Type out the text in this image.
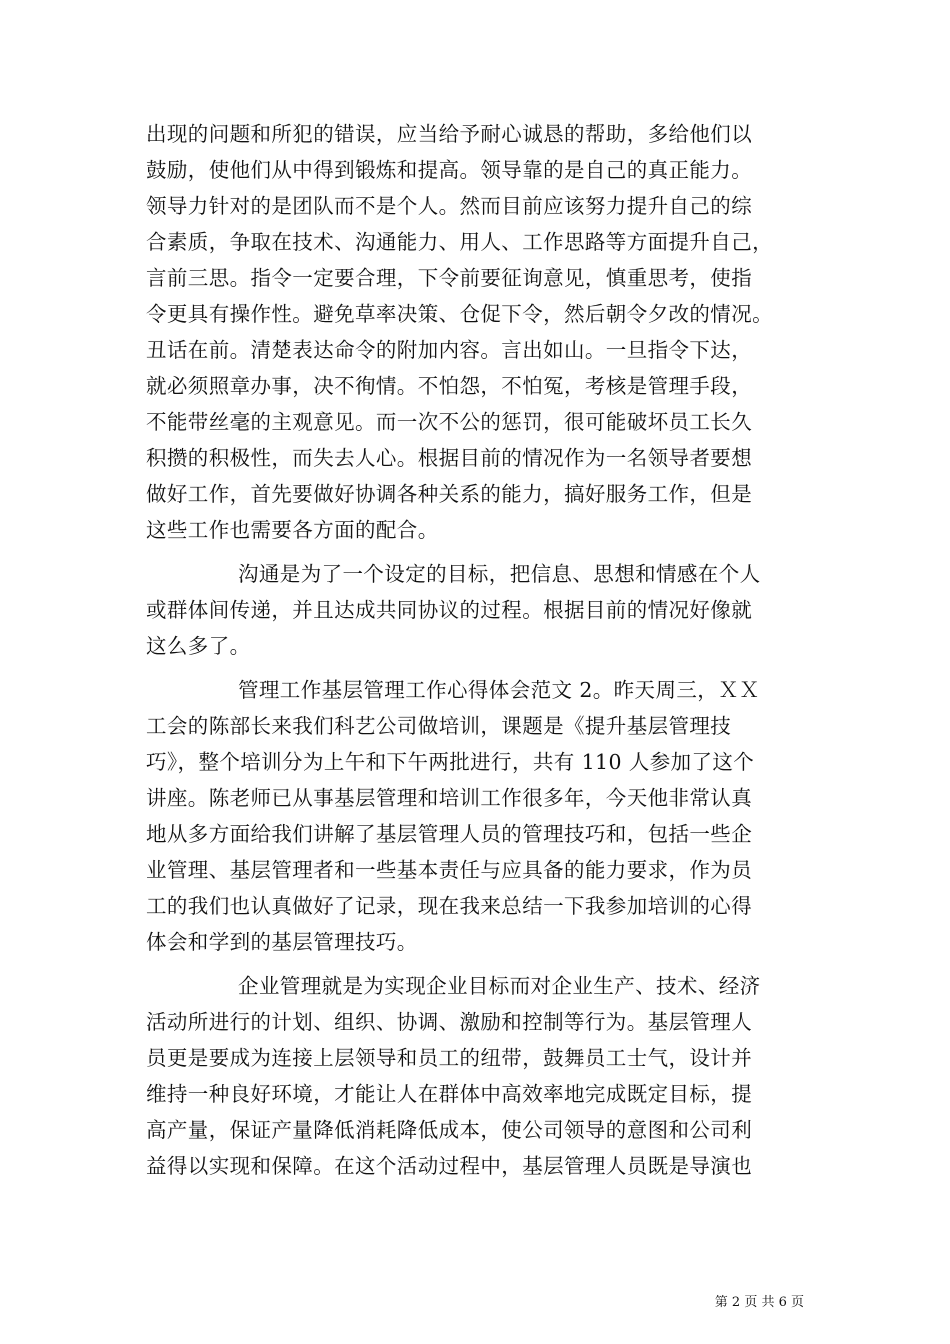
出现的问题和所犯的错误，应当给予耐心诚恳的帮助，多给他们以
鼓励，使他们从中得到锻炼和提高。领导靠的是自己的真正能力。
领导力针对的是团队而不是个人。然而目前应该努力提升自己的综
合素质，争取在技术、沟通能力、用人、工作思路等方面提升自己，
言前三思。指令一定要合理，下令前要征询意见，慎重思考，使指
令更具有操作性。避免草率决策、仓促下令，然后朝令夕改的情况。
丑话在前。清楚表达命令的附加内容。言出如山。一旦指令下达，
就必须照章办事，决不徇情。不怕怨，不怕冤，考核是管理手段，
不能带丝毫的主观意见。而一次不公的惩罚，很可能破坏员工长久
积攒的积极性，而失去人心。根据目前的情况作为一名领导者要想
做好工作，首先要做好协调各种关系的能力，搞好服务工作，但是
这些工作也需要各方面的配合。

沟通是为了一个设定的目标，把信息、思想和情感在个人
或群体间传递，并且达成共同协议的过程。根据目前的情况好像就
这么多了。

管理工作基层管理工作心得体会范文 2。昨天周三，ＸＸ
工会的陈部长来我们科艺公司做培训，课题是《提升基层管理技
巧》，整个培训分为上午和下午两批进行，共有 110 人参加了这个
讲座。陈老师已从事基层管理和培训工作很多年，今天他非常认真
地从多方面给我们讲解了基层管理人员的管理技巧和，包括一些企
业管理、基层管理者和一些基本责任与应具备的能力要求，作为员
工的我们也认真做好了记录，现在我来总结一下我参加培训的心得
体会和学到的基层管理技巧。

企业管理就是为实现企业目标而对企业生产、技术、经济
活动所进行的计划、组织、协调、激励和控制等行为。基层管理人
员更是要成为连接上层领导和员工的纽带，鼓舞员工士气，设计并
维持一种良好环境，才能让人在群体中高效率地完成既定目标，提
高产量，保证产量降低消耗降低成本，使公司领导的意图和公司利
益得以实现和保障。在这个活动过程中，基层管理人员既是导演也

第 2 页 共 6 页
